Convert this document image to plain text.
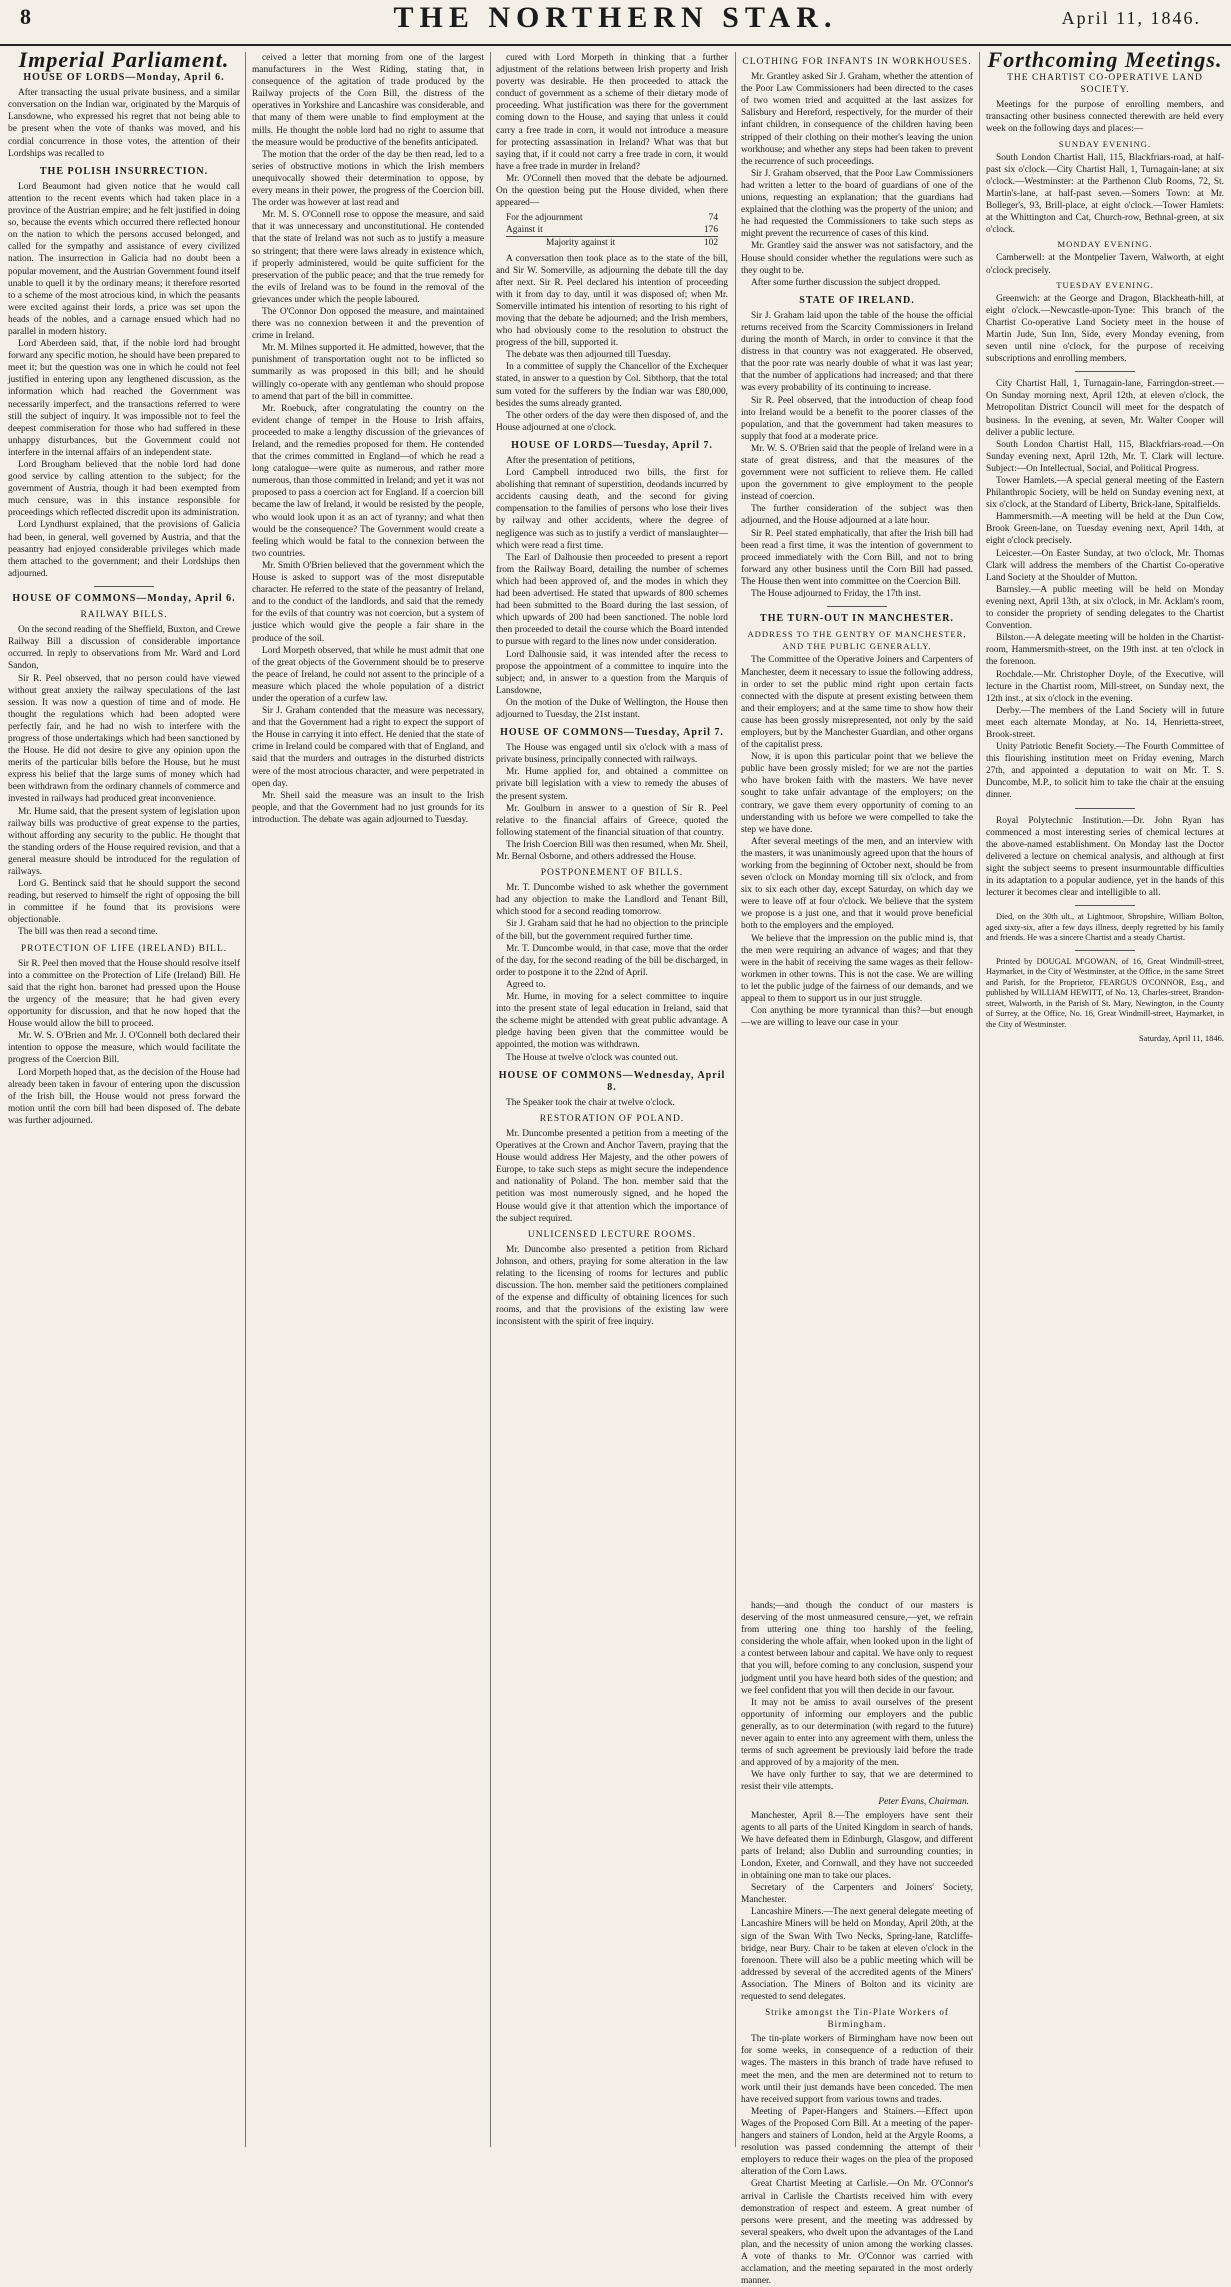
8	THE NORTHERN STAR.	April 11, 1846.
Imperial Parliament.
HOUSE OF LORDS—Monday, April 6.

After transacting the usual private business, and a similar conversation on the Indian war, originated by the Marquis of Lansdowne, who expressed his regret that not being able to be present when the vote of thanks was moved, and his cordial concurrence in those votes, the attention of their Lordships was recalled to

THE POLISH INSURRECTION.

Lord Beaumont had given notice that he would call attention to the recent events which had taken place in a province of the Austrian empire; and he felt justified in doing so, because the events which occurred there reflected honour on the nation to which the persons accused belonged, and called for the sympathy and assistance of every civilized nation. The insurrection in Galicia had no doubt been a popular movement, and the Austrian Government found itself unable to quell it by the ordinary means; it therefore resorted to a scheme of the most atrocious kind, in which the peasants were excited against their lords, a price was set upon the heads of the nobles, and a carnage ensued which had no parallel in modern history.

Lord Aberdeen said, that, if the noble lord had brought forward any specific motion, he should have been prepared to meet it; but the question was one in which he could not feel justified in entering upon any lengthened discussion, as the information which had reached the Government was necessarily imperfect, and the transactions referred to were still the subject of inquiry. It was impossible not to feel the deepest commiseration for those who had suffered in these unhappy disturbances, but the Government could not interfere in the internal affairs of an independent state.

Lord Brougham believed that the noble lord had done good service by calling attention to the subject; for the government of Austria, though it had been exempted from much censure, was in this instance responsible for proceedings which reflected discredit upon its administration.

Lord Lyndhurst explained, that the provisions of Galicia had been, in general, well governed by Austria, and that the peasantry had enjoyed considerable privileges which made them attached to the government; and their Lordships then adjourned.

HOUSE OF COMMONS—Monday, April 6.
RAILWAY BILLS.

On the second reading of the Sheffield, Buxton, and Crewe Railway Bill a discussion of considerable importance occurred. In reply to observations from Mr. Ward and Lord Sandon,

Sir R. Peel observed, that no person could have viewed without great anxiety the railway speculations of the last session. It was now a question of time and of mode. He thought the regulations which had been adopted were perfectly fair, and he had no wish to interfere with the progress of those undertakings which had been sanctioned by the House. He did not desire to give any opinion upon the merits of the particular bills before the House, but he must express his belief that the large sums of money which had been withdrawn from the ordinary channels of commerce and invested in railways had produced great inconvenience.

Mr. Hume said, that the present system of legislation upon railway bills was productive of great expense to the parties, without affording any security to the public. He thought that the standing orders of the House required revision, and that a general measure should be introduced for the regulation of railways.

Lord G. Bentinck said that he should support the second reading, but reserved to himself the right of opposing the bill in committee if he found that its provisions were objectionable.

The bill was then read a second time.

PROTECTION OF LIFE (IRELAND) BILL.

Sir R. Peel then moved that the House should resolve itself into a committee on the Protection of Life (Ireland) Bill. He said that the right hon. baronet had pressed upon the House the urgency of the measure; that he had given every opportunity for discussion, and that he now hoped that the House would allow the bill to proceed.

Mr. W. S. O'Brien and Mr. J. O'Connell both declared their intention to oppose the measure, which would facilitate the progress of the Coercion Bill.

Lord Morpeth hoped that, as the decision of the House had already been taken in favour of entering upon the discussion of the Irish bill, the House would not press forward the motion until the corn bill had been disposed of. The debate was further adjourned.

ceived a letter that morning from one of the largest manufacturers in the West Riding, stating that, in consequence of the agitation of trade produced by the Railway projects of the Corn Bill, the distress of the operatives in Yorkshire and Lancashire was considerable, and that many of them were unable to find employment at the mills. He thought the noble lord had no right to assume that the measure would be productive of the benefits anticipated.

The motion that the order of the day be then read, led to a series of obstructive motions in which the Irish members unequivocally showed their determination to oppose, by every means in their power, the progress of the Coercion bill. The order was however at last read and

Mr. M. S. O'Connell rose to oppose the measure, and said that it was unnecessary and unconstitutional. He contended that the state of Ireland was not such as to justify a measure so stringent; that there were laws already in existence which, if properly administered, would be quite sufficient for the preservation of the public peace; and that the true remedy for the evils of Ireland was to be found in the removal of the grievances under which the people laboured.

The O'Connor Don opposed the measure, and maintained there was no connexion between it and the prevention of crime in Ireland.

Mr. M. Milnes supported it. He admitted, however, that the punishment of transportation ought not to be inflicted so summarily as was proposed in this bill; and he should willingly co-operate with any gentleman who should propose to amend that part of the bill in committee.

Mr. Roebuck, after congratulating the country on the evident change of temper in the House to Irish affairs, proceeded to make a lengthy discussion of the grievances of Ireland, and the remedies proposed for them. He contended that the crimes committed in England—of which he read a long catalogue—were quite as numerous, and rather more numerous, than those committed in Ireland; and yet it was not proposed to pass a coercion act for England. If a coercion bill became the law of Ireland, it would be resisted by the people, who would look upon it as an act of tyranny; and what then would be the consequence? The Government would create a feeling which would be fatal to the connexion between the two countries.

Mr. Smith O'Brien believed that the government which the House is asked to support was of the most disreputable character. He referred to the state of the peasantry of Ireland, and to the conduct of the landlords, and said that the remedy for the evils of that country was not coercion, but a system of justice which would give the people a fair share in the produce of the soil.

Lord Morpeth observed, that while he must admit that one of the great objects of the Government should be to preserve the peace of Ireland, he could not assent to the principle of a measure which placed the whole population of a district under the operation of a curfew law.

Sir J. Graham contended that the measure was necessary, and that the Government had a right to expect the support of the House in carrying it into effect. He denied that the state of crime in Ireland could be compared with that of England, and said that the murders and outrages in the disturbed districts were of the most atrocious character, and were perpetrated in open day.

Mr. Sheil said the measure was an insult to the Irish people, and that the Government had no just grounds for its introduction. The debate was again adjourned to Tuesday.

cured with Lord Morpeth in thinking that a further adjustment of the relations between Irish property and Irish poverty was desirable. He then proceeded to attack the conduct of government as a scheme of their dietary mode of proceeding. What justification was there for the government coming down to the House, and saying that unless it could carry a free trade in corn, it would not introduce a measure for protecting assassination in Ireland? What was that but saying that, if it could not carry a free trade in corn, it would have a free trade in murder in Ireland?

Mr. O'Connell then moved that the debate be adjourned. On the question being put the House divided, when there appeared—

For the adjournment	74
Against it	176
Majority against it	102

A conversation then took place as to the state of the bill, and Sir W. Somerville, as adjourning the debate till the day after next. Sir R. Peel declared his intention of proceeding with it from day to day, until it was disposed of; when Mr. Somerville intimated his intention of resorting to his right of moving that the debate be adjourned; and the Irish members, who had obviously come to the resolution to obstruct the progress of the bill, supported it.

The debate was then adjourned till Tuesday.

In a committee of supply the Chancellor of the Exchequer stated, in answer to a question by Col. Sibthorp, that the total sum voted for the sufferers by the Indian war was £80,000, besides the sums already granted.

The other orders of the day were then disposed of, and the House adjourned at one o'clock.

HOUSE OF LORDS—Tuesday, April 7.

After the presentation of petitions,

Lord Campbell introduced two bills, the first for abolishing that remnant of superstition, deodands incurred by accidents causing death, and the second for giving compensation to the families of persons who lose their lives by railway and other accidents, where the degree of negligence was such as to justify a verdict of manslaughter—which were read a first time.

The Earl of Dalhousie then proceeded to present a report from the Railway Board, detailing the number of schemes which had been approved of, and the modes in which they had been advertised. He stated that upwards of 800 schemes had been submitted to the Board during the last session, of which upwards of 200 had been sanctioned. The noble lord then proceeded to detail the course which the Board intended to pursue with regard to the lines now under consideration.

Lord Dalhousie said, it was intended after the recess to propose the appointment of a committee to inquire into the subject; and, in answer to a question from the Marquis of Lansdowne,

On the motion of the Duke of Wellington, the House then adjourned to Tuesday, the 21st instant.

HOUSE OF COMMONS—Tuesday, April 7.

The House was engaged until six o'clock with a mass of private business, principally connected with railways.

Mr. Hume applied for, and obtained a committee on private bill legislation with a view to remedy the abuses of the present system.

Mr. Goulburn in answer to a question of Sir R. Peel relative to the financial affairs of Greece, quoted the following statement of the financial situation of that country.

The Irish Coercion Bill was then resumed, when Mr. Sheil, Mr. Bernal Osborne, and others addressed the House.

POSTPONEMENT OF BILLS.

Mr. T. Duncombe wished to ask whether the government had any objection to make the Landlord and Tenant Bill, which stood for a second reading tomorrow.

Sir J. Graham said that he had no objection to the principle of the bill, but the government required further time.

Mr. T. Duncombe would, in that case, move that the order of the day, for the second reading of the bill be discharged, in order to postpone it to the 22nd of April.

Agreed to.

Mr. Hume, in moving for a select committee to inquire into the present state of legal education in Ireland, said that the scheme might be attended with great public advantage. A pledge having been given that the committee would be appointed, the motion was withdrawn.

The House at twelve o'clock was counted out.

HOUSE OF COMMONS—Wednesday, April 8.

The Speaker took the chair at twelve o'clock.

RESTORATION OF POLAND.

Mr. Duncombe presented a petition from a meeting of the Operatives at the Crown and Anchor Tavern, praying that the House would address Her Majesty, and the other powers of Europe, to take such steps as might secure the independence and nationality of Poland. The hon. member said that the petition was most numerously signed, and he hoped the House would give it that attention which the importance of the subject required.

UNLICENSED LECTURE ROOMS.

Mr. Duncombe also presented a petition from Richard Johnson, and others, praying for some alteration in the law relating to the licensing of rooms for lectures and public discussion. The hon. member said the petitioners complained of the expense and difficulty of obtaining licences for such rooms, and that the provisions of the existing law were inconsistent with the spirit of free inquiry.

CLOTHING FOR INFANTS IN WORKHOUSES.

Mr. Grantley asked Sir J. Graham, whether the attention of the Poor Law Commissioners had been directed to the cases of two women tried and acquitted at the last assizes for Salisbury and Hereford, respectively, for the murder of their infant children, in consequence of the children having been stripped of their clothing on their mother's leaving the union workhouse; and whether any steps had been taken to prevent the recurrence of such proceedings.

Sir J. Graham observed, that the Poor Law Commissioners had written a letter to the board of guardians of one of the unions, requesting an explanation; that the guardians had explained that the clothing was the property of the union; and he had requested the Commissioners to take such steps as might prevent the recurrence of cases of this kind.

Mr. Grantley said the answer was not satisfactory, and the House should consider whether the regulations were such as they ought to be.

After some further discussion the subject dropped.

STATE OF IRELAND.

Sir J. Graham laid upon the table of the house the official returns received from the Scarcity Commissioners in Ireland during the month of March, in order to convince it that the distress in that country was not exaggerated. He observed, that the poor rate was nearly double of what it was last year; that the number of applications had increased; and that there was every probability of its continuing to increase.

Sir R. Peel observed, that the introduction of cheap food into Ireland would be a benefit to the poorer classes of the population, and that the government had taken measures to supply that food at a moderate price.

Mr. W. S. O'Brien said that the people of Ireland were in a state of great distress, and that the measures of the government were not sufficient to relieve them. He called upon the government to give employment to the people instead of coercion.

The further consideration of the subject was then adjourned, and the House adjourned at a late hour.

Sir R. Peel stated emphatically, that after the Irish bill had been read a first time, it was the intention of government to proceed immediately with the Corn Bill, and not to bring forward any other business until the Corn Bill had passed. The House then went into committee on the Coercion Bill.

The House adjourned to Friday, the 17th inst.

THE TURN-OUT IN MANCHESTER.
ADDRESS TO THE GENTRY OF MANCHESTER, AND THE PUBLIC GENERALLY.

The Committee of the Operative Joiners and Carpenters of Manchester, deem it necessary to issue the following address, in order to set the public mind right upon certain facts connected with the dispute at present existing between them and their employers; and at the same time to show how their cause has been grossly misrepresented, not only by the said employers, but by the Manchester Guardian, and other organs of the capitalist press.

Now, it is upon this particular point that we believe the public have been grossly misled; for we are not the parties who have broken faith with the masters. We have never sought to take unfair advantage of the employers; on the contrary, we gave them every opportunity of coming to an understanding with us before we were compelled to take the step we have done.

After several meetings of the men, and an interview with the masters, it was unanimously agreed upon that the hours of working from the beginning of October next, should be from seven o'clock on Monday morning till six o'clock, and from six to six each other day, except Saturday, on which day we were to leave off at four o'clock. We believe that the system we propose is a just one, and that it would prove beneficial both to the employers and the employed.

We believe that the impression on the public mind is, that the men were requiring an advance of wages; and that they were in the habit of receiving the same wages as their fellow-workmen in other towns. This is not the case. We are willing to let the public judge of the fairness of our demands, and we appeal to them to support us in our just struggle.

Con anything be more tyrannical than this?—but enough—we are willing to leave our case in your

Forthcoming Meetings.
THE CHARTIST CO-OPERATIVE LAND SOCIETY.

Meetings for the purpose of enrolling members, and transacting other business connected therewith are held every week on the following days and places:—

SUNDAY EVENING.

South London Chartist Hall, 115, Blackfriars-road, at half-past six o'clock.—City Chartist Hall, 1, Turnagain-lane; at six o'clock.—Westminster: at the Parthenon Club Rooms, 72, St. Martin's-lane, at half-past seven.—Somers Town: at Mr. Bolleger's, 93, Brill-place, at eight o'clock.—Tower Hamlets: at the Whittington and Cat, Church-row, Bethnal-green, at six o'clock.

MONDAY EVENING.

Camberwell: at the Montpelier Tavern, Walworth, at eight o'clock precisely.

TUESDAY EVENING.

Greenwich: at the George and Dragon, Blackheath-hill, at eight o'clock.—Newcastle-upon-Tyne: This branch of the Chartist Co-operative Land Society meet in the house of Martin Jude, Sun Inn, Side, every Monday evening, from seven until nine o'clock, for the purpose of receiving subscriptions and enrolling members.

City Chartist Hall, 1, Turnagain-lane, Farringdon-street.—On Sunday morning next, April 12th, at eleven o'clock, the Metropolitan District Council will meet for the despatch of business. In the evening, at seven, Mr. Walter Cooper will deliver a public lecture.

South London Chartist Hall, 115, Blackfriars-road.—On Sunday evening next, April 12th, Mr. T. Clark will lecture. Subject:—On Intellectual, Social, and Political Progress.

Tower Hamlets.—A special general meeting of the Eastern Philanthropic Society, will be held on Sunday evening next, at six o'clock, at the Standard of Liberty, Brick-lane, Spitalfields.

Hammersmith.—A meeting will be held at the Dun Cow, Brook Green-lane, on Tuesday evening next, April 14th, at eight o'clock precisely.

Leicester.—On Easter Sunday, at two o'clock, Mr. Thomas Clark will address the members of the Chartist Co-operative Land Society at the Shoulder of Mutton.

Barnsley.—A public meeting will be held on Monday evening next, April 13th, at six o'clock, in Mr. Acklam's room, to consider the propriety of sending delegates to the Chartist Convention.

Bilston.—A delegate meeting will be holden in the Chartist-room, Hammersmith-street, on the 19th inst. at ten o'clock in the forenoon.

Rochdale.—Mr. Christopher Doyle, of the Executive, will lecture in the Chartist room, Mill-street, on Sunday next, the 12th inst., at six o'clock in the evening.

Derby.—The members of the Land Society will in future meet each alternate Monday, at No. 14, Henrietta-street, Brook-street.

Unity Patriotic Benefit Society.—The Fourth Committee of this flourishing institution meet on Friday evening, March 27th, and appointed a deputation to wait on Mr. T. S. Duncombe, M.P., to solicit him to take the chair at the ensuing dinner.

Royal Polytechnic Institution.—Dr. John Ryan has commenced a most interesting series of chemical lectures at the above-named establishment. On Monday last the Doctor delivered a lecture on chemical analysis, and although at first sight the subject seems to present insurmountable difficulties in its adaptation to a popular audience, yet in the hands of this lecturer it becomes clear and intelligible to all.

Died, on the 30th ult., at Lightmoor, Shropshire, William Bolton, aged sixty-six, after a few days illness, deeply regretted by his family and friends. He was a sincere Chartist and a steady Chartist.

Printed by DOUGAL M'GOWAN, of 16, Great Windmill-street, Haymarket, in the City of Westminster, at the Office, in the same Street and Parish, for the Proprietor, FEARGUS O'CONNOR, Esq., and published by WILLIAM HEWITT, of No. 13, Charles-street, Brandon-street, Walworth, in the Parish of St. Mary, Newington, in the County of Surrey, at the Office, No. 16, Great Windmill-street, Haymarket, in the City of Westminster.

Saturday, April 11, 1846.

hands;—and though the conduct of our masters is deserving of the most unmeasured censure,—yet, we refrain from uttering one thing too harshly of the feeling, considering the whole affair, when looked upon in the light of a contest between labour and capital. We have only to request that you will, before coming to any conclusion, suspend your judgment until you have heard both sides of the question; and we feel confident that you will then decide in our favour.

It may not be amiss to avail ourselves of the present opportunity of informing our employers and the public generally, as to our determination (with regard to the future) never again to enter into any agreement with them, unless the terms of such agreement be previously laid before the trade and approved of by a majority of the men.

We have only further to say, that we are determined to resist their vile attempts.

Peter Evans, Chairman.

Manchester, April 8.—The employers have sent their agents to all parts of the United Kingdom in search of hands. We have defeated them in Edinburgh, Glasgow, and different parts of Ireland; also Dublin and surrounding counties; in London, Exeter, and Cornwall, and they have not succeeded in obtaining one man to take our places.

Secretary of the Carpenters and Joiners' Society, Manchester.

Lancashire Miners.—The next general delegate meeting of Lancashire Miners will be held on Monday, April 20th, at the sign of the Swan With Two Necks, Spring-lane, Ratcliffe-bridge, near Bury. Chair to be taken at eleven o'clock in the forenoon. There will also be a public meeting which will be addressed by several of the accredited agents of the Miners' Association. The Miners of Bolton and its vicinity are requested to send delegates.

Strike amongst the Tin-Plate Workers of Birmingham.

The tin-plate workers of Birmingham have now been out for some weeks, in consequence of a reduction of their wages. The masters in this branch of trade have refused to meet the men, and the men are determined not to return to work until their just demands have been conceded. The men have received support from various towns and trades.

Meeting of Paper-Hangers and Stainers.—Effect upon Wages of the Proposed Corn Bill. At a meeting of the paper-hangers and stainers of London, held at the Argyle Rooms, a resolution was passed condemning the attempt of their employers to reduce their wages on the plea of the proposed alteration of the Corn Laws.

Great Chartist Meeting at Carlisle.—On Mr. O'Connor's arrival in Carlisle the Chartists received him with every demonstration of respect and esteem. A great number of persons were present, and the meeting was addressed by several speakers, who dwelt upon the advantages of the Land plan, and the necessity of union among the working classes. A vote of thanks to Mr. O'Connor was carried with acclamation, and the meeting separated in the most orderly manner.
